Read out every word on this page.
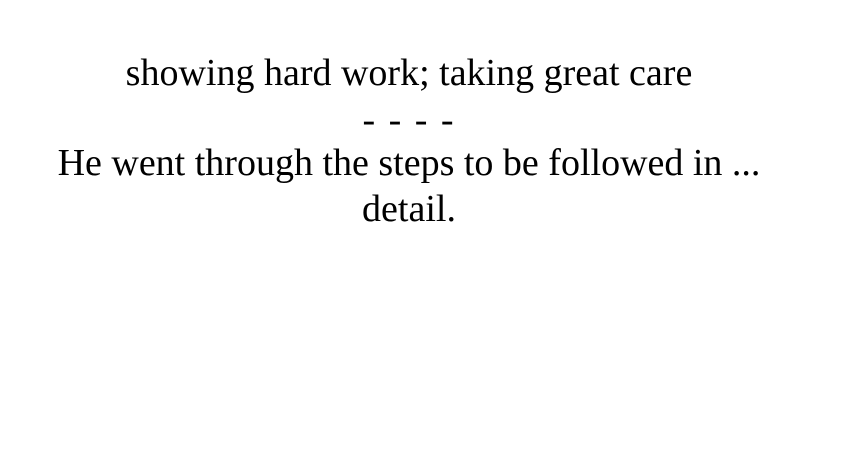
showing hard work; taking great care

- - - -

He went through the steps to be followed in ... detail.
